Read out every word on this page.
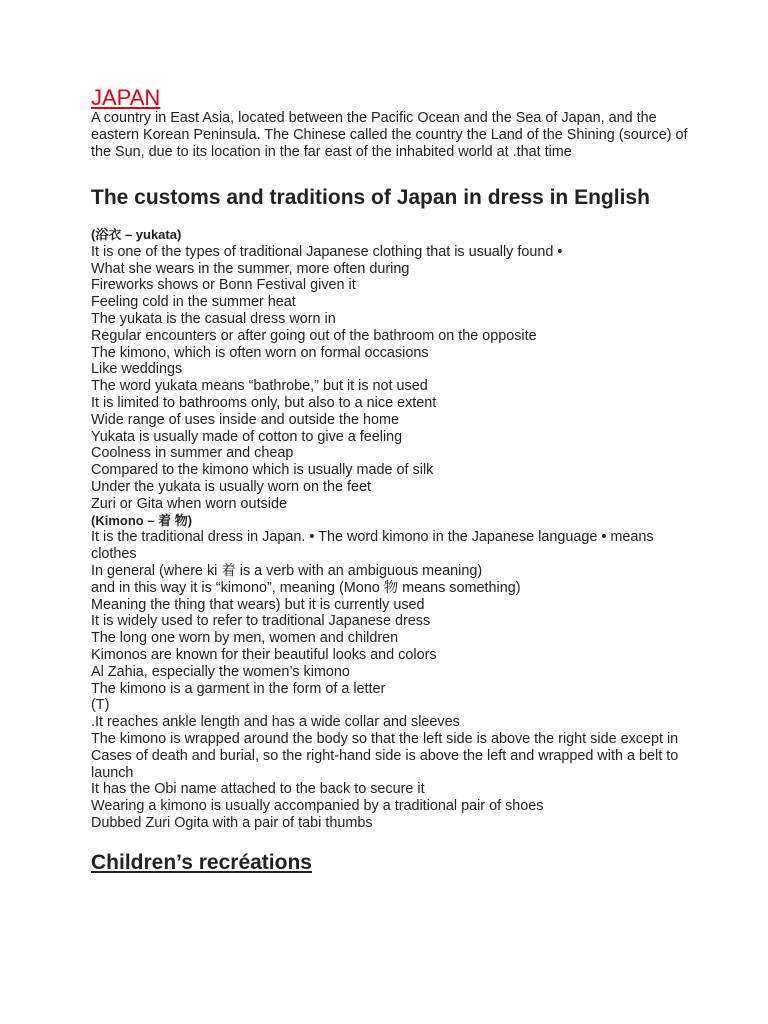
JAPAN

A country in East Asia, located between the Pacific Ocean and the Sea of Japan, and the eastern Korean Peninsula. The Chinese called the country the Land of the Shining (source) of the Sun, due to its location in the far east of the inhabited world at .that time

The customs and traditions of Japan in dress in English
(浴衣 – yukata)
It is one of the types of traditional Japanese clothing that is usually found •
What she wears in the summer, more often during
Fireworks shows or Bonn Festival given it
Feeling cold in the summer heat
The yukata is the casual dress worn in
Regular encounters or after going out of the bathroom on the opposite
The kimono, which is often worn on formal occasions
Like weddings
The word yukata means “bathrobe,” but it is not used
It is limited to bathrooms only, but also to a nice extent
Wide range of uses inside and outside the home
Yukata is usually made of cotton to give a feeling
Coolness in summer and cheap
Compared to the kimono which is usually made of silk
Under the yukata is usually worn on the feet
Zuri or Gita when worn outside
(Kimono – 着 物)
It is the traditional dress in Japan. • The word kimono in the Japanese language • means clothes
In general (where ki 着 is a verb with an ambiguous meaning)
and in this way it is “kimono”, meaning (Mono 物 means something)
Meaning the thing that wears) but it is currently used
It is widely used to refer to traditional Japanese dress
The long one worn by men, women and children
Kimonos are known for their beautiful looks and colors
Al Zahia, especially the women’s kimono
The kimono is a garment in the form of a letter
(T)
.It reaches ankle length and has a wide collar and sleeves
The kimono is wrapped around the body so that the left side is above the right side except in
Cases of death and burial, so the right-hand side is above the left and wrapped with a belt to launch
It has the Obi name attached to the back to secure it
Wearing a kimono is usually accompanied by a traditional pair of shoes
Dubbed Zuri Ogita with a pair of tabi thumbs
Children’s recréations
